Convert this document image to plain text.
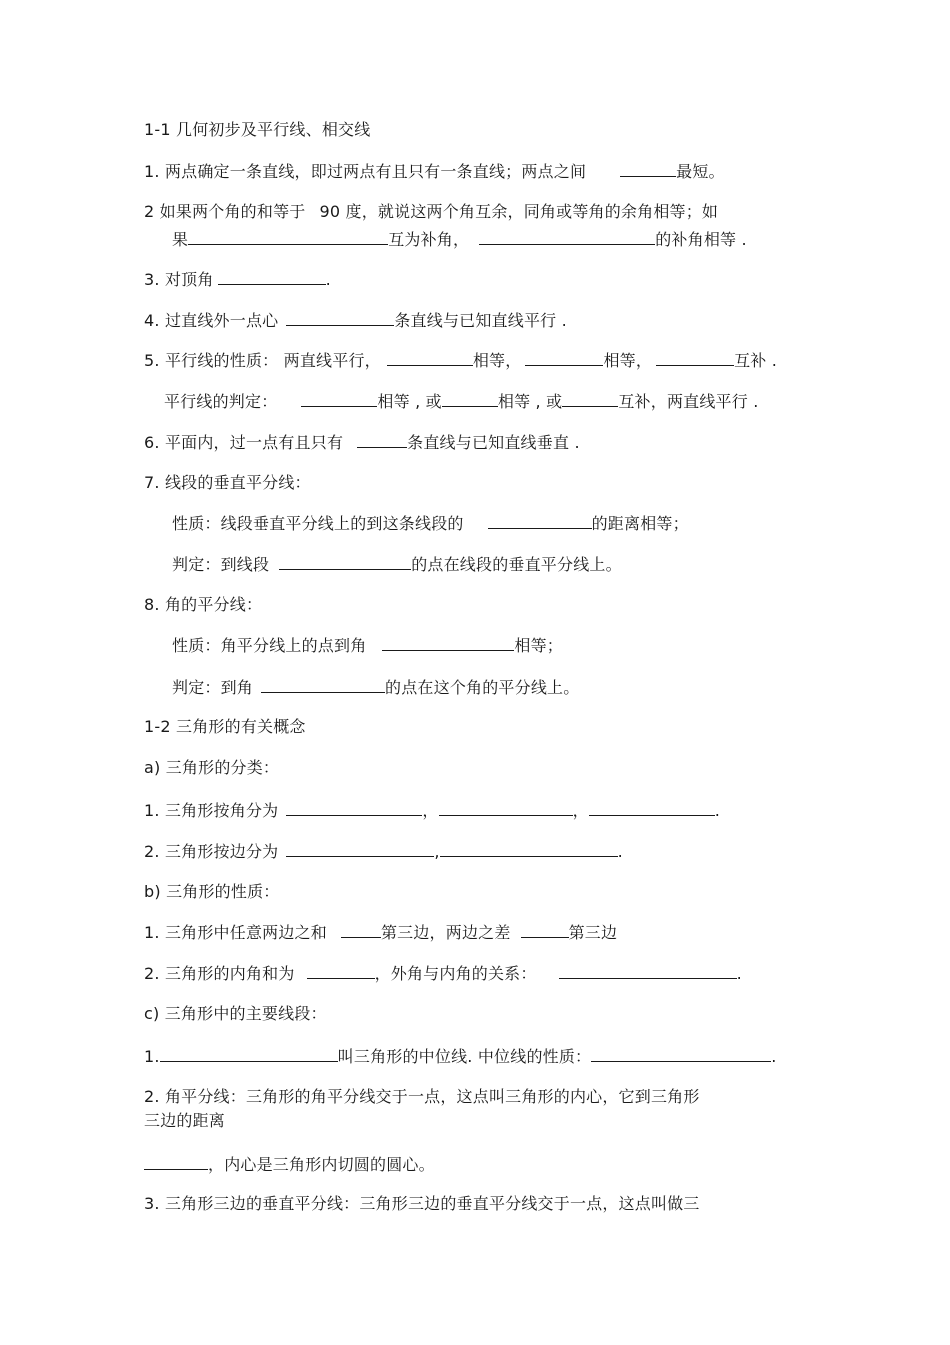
1-1 几何初步及平行线、相交线
1. 两点确定一条直线，即过两点有且只有一条直线；两点之间	最短。
2 如果两个角的和等于 90 度，就说这两个角互余，同角或等角的余角相等；如
果	互为补角，	的补角相等 .
3. 对顶角	.
4. 过直线外一点心	条直线与已知直线平行 .
5. 平行线的性质： 两直线平行，	相等，	相等，	互补 .
平行线的判定：	相等 , 或	相等 , 或	互补，两直线平行 .
6. 平面内，过一点有且只有	条直线与已知直线垂直 .
7. 线段的垂直平分线：
性质：线段垂直平分线上的到这条线段的	的距离相等；
判定：到线段	的点在线段的垂直平分线上。
8. 角的平分线：
性质：角平分线上的点到角	相等；
判定：到角	的点在这个角的平分线上。
1-2 三角形的有关概念
a) 三角形的分类：
1. 三角形按角分为	，	，	.
2. 三角形按边分为	,	.
b) 三角形的性质：
1. 三角形中任意两边之和	第三边，两边之差	第三边
2. 三角形的内角和为	，外角与内角的关系：	.
c) 三角形中的主要线段：
1.	叫三角形的中位线. 中位线的性质：	.
2. 角平分线：三角形的角平分线交于一点，这点叫三角形的内心，它到三角形
三边的距离
，内心是三角形内切圆的圆心。
3. 三角形三边的垂直平分线：三角形三边的垂直平分线交于一点，这点叫做三
